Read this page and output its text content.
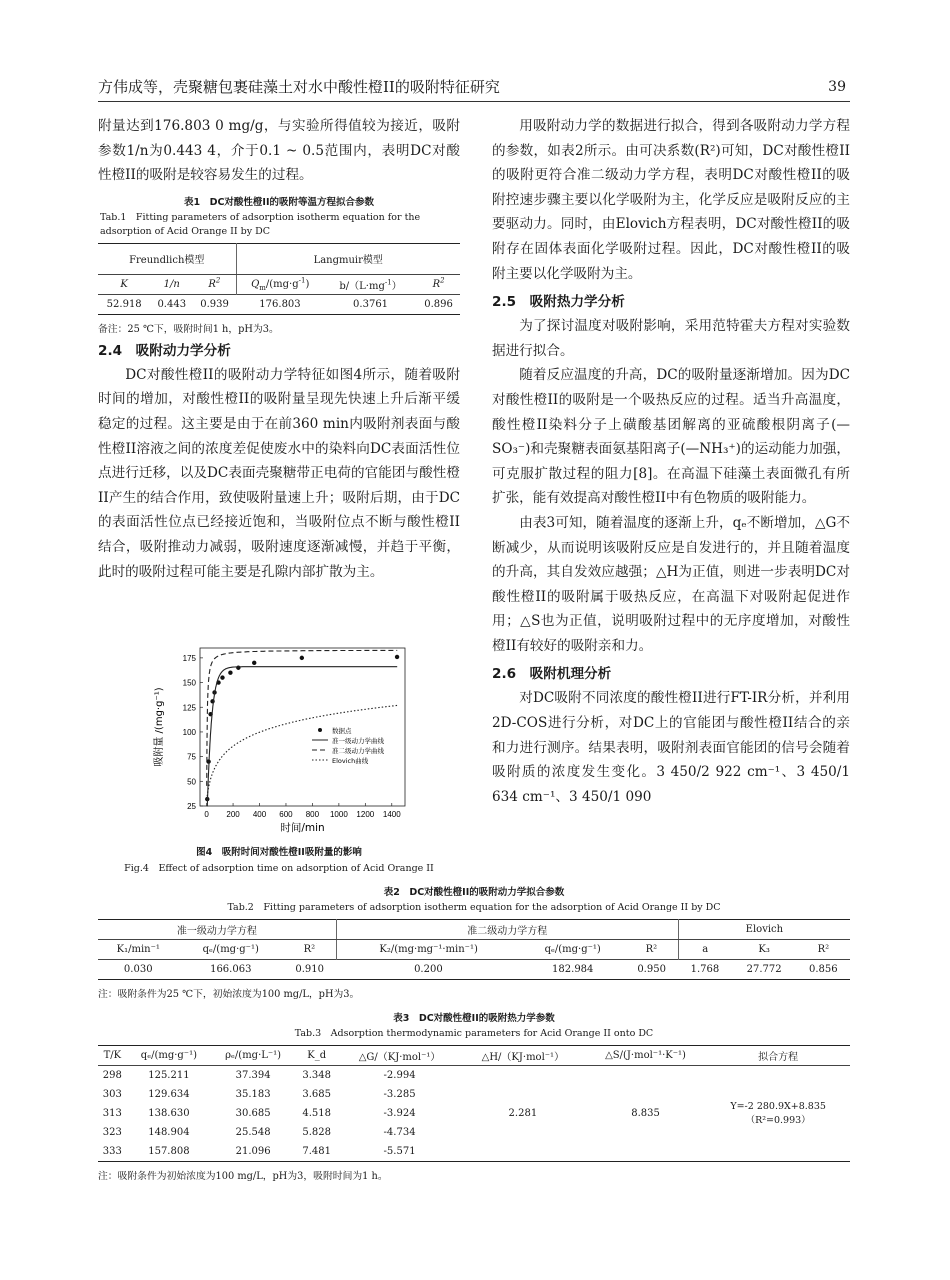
方伟成等，壳聚糖包裹硅藻土对水中酸性橙II的吸附特征研究	39

附量达到176.803 0 mg/g，与实验所得值较为接近，吸附参数1/n为0.443 4，介于0.1 ~ 0.5范围内，表明DC对酸性橙II的吸附是较容易发生的过程。

表1　DC对酸性橙II的吸附等温方程拟合参数
Tab.1　Fitting parameters of adsorption isotherm equation for the adsorption of Acid Orange II by DC
Freundlich模型			Langmuir模型		
K	1/n	$R^2$	$Q_m/(mg\cdot g^{-1})$	$b/(L\cdot mg^{-1})$	$R^2$
52.918	0.443	0.939	176.803	0.3761	0.896
备注：25 ℃下，吸附时间1 h，pH为3。
2.4　吸附动力学分析

DC对酸性橙II的吸附动力学特征如图4所示，随着吸附时间的增加，对酸性橙II的吸附量呈现先快速上升后渐平缓稳定的过程。这主要是由于在前360 min内吸附剂表面与酸性橙II溶液之间的浓度差促使废水中的染料向DC表面活性位点进行迁移，以及DC表面壳聚糖带正电荷的官能团与酸性橙II产生的结合作用，致使吸附量速上升；吸附后期，由于DC的表面活性位点已经接近饱和，当吸附位点不断与酸性橙II结合，吸附推动力减弱，吸附速度逐渐减慢，并趋于平衡，此时的吸附过程可能主要是孔隙内部扩散为主。

0 200 400 600 800 1000 1200 1400
25
50
75
100
125
150
175
时间/min
吸附量 /(mg·g⁻¹)	数据点
准一级动力学曲线
准二级动力学曲线
Elovich曲线
图4　吸附时间对酸性橙II吸附量的影响
Fig.4　Effect of adsorption time on adsorption of Acid Orange II

用吸附动力学的数据进行拟合，得到各吸附动力学方程的参数，如表2所示。由可决系数(R²)可知，DC对酸性橙II的吸附更符合准二级动力学方程，表明DC对酸性橙II的吸附控速步骤主要以化学吸附为主，化学反应是吸附反应的主要驱动力。同时，由Elovich方程表明，DC对酸性橙II的吸附存在固体表面化学吸附过程。因此，DC对酸性橙II的吸附主要以化学吸附为主。

2.5　吸附热力学分析

为了探讨温度对吸附影响，采用范特霍夫方程对实验数据进行拟合。

随着反应温度的升高，DC的吸附量逐渐增加。因为DC对酸性橙II的吸附是一个吸热反应的过程。适当升高温度，酸性橙II染料分子上磺酸基团解离的亚硫酸根阴离子(—SO₃⁻)和壳聚糖表面氨基阳离子(—NH₃⁺)的运动能力加强，可克服扩散过程的阻力[8]。在高温下硅藻土表面微孔有所扩张，能有效提高对酸性橙II中有色物质的吸附能力。

由表3可知，随着温度的逐渐上升，qₑ不断增加，△G不断减少，从而说明该吸附反应是自发进行的，并且随着温度的升高，其自发效应越强；△H为正值，则进一步表明DC对酸性橙II的吸附属于吸热反应，在高温下对吸附起促进作用；△S也为正值，说明吸附过程中的无序度增加，对酸性橙II有较好的吸附亲和力。

2.6　吸附机理分析

对DC吸附不同浓度的酸性橙II进行FT-IR分析，并利用2D-COS进行分析，对DC上的官能团与酸性橙II结合的亲和力进行测序。结果表明，吸附剂表面官能团的信号会随着吸附质的浓度发生变化。3 450/2 922 cm⁻¹、3 450/1 634 cm⁻¹、3 450/1 090

表2　DC对酸性橙II的吸附动力学拟合参数
Tab.2　Fitting parameters of adsorption isotherm equation for the adsorption of Acid Orange II by DC
准一级动力学方程			准二级动力学方程			Elovich		
K₁/min⁻¹	qₑ/(mg·g⁻¹)	R²	K₂/(mg·mg⁻¹·min⁻¹)	qₑ/(mg·g⁻¹)	R²	a	K₃	R²
0.030	166.063	0.910	0.200	182.984	0.950	1.768	27.772	0.856
注：吸附条件为25 ℃下，初始浓度为100 mg/L，pH为3。
表3　DC对酸性橙II的吸附热力学参数
Tab.3　Adsorption thermodynamic parameters for Acid Orange II onto DC
T/K	qₑ/(mg·g⁻¹)	ρₑ/(mg·L⁻¹)	K_d	△G/（KJ·mol⁻¹）	△H/（KJ·mol⁻¹）	△S/(J·mol⁻¹·K⁻¹)	拟合方程
298	125.211	37.394	3.348	-2.994	2.281	8.835	Y=-2 280.9X+8.835
（R²=0.993）

303	129.634	35.183	3.685	-3.285			
313	138.630	30.685	4.518	-3.924			
323	148.904	25.548	5.828	-4.734			
333	157.808	21.096	7.481	-5.571			
注：吸附条件为初始浓度为100 mg/L，pH为3，吸附时间为1 h。
